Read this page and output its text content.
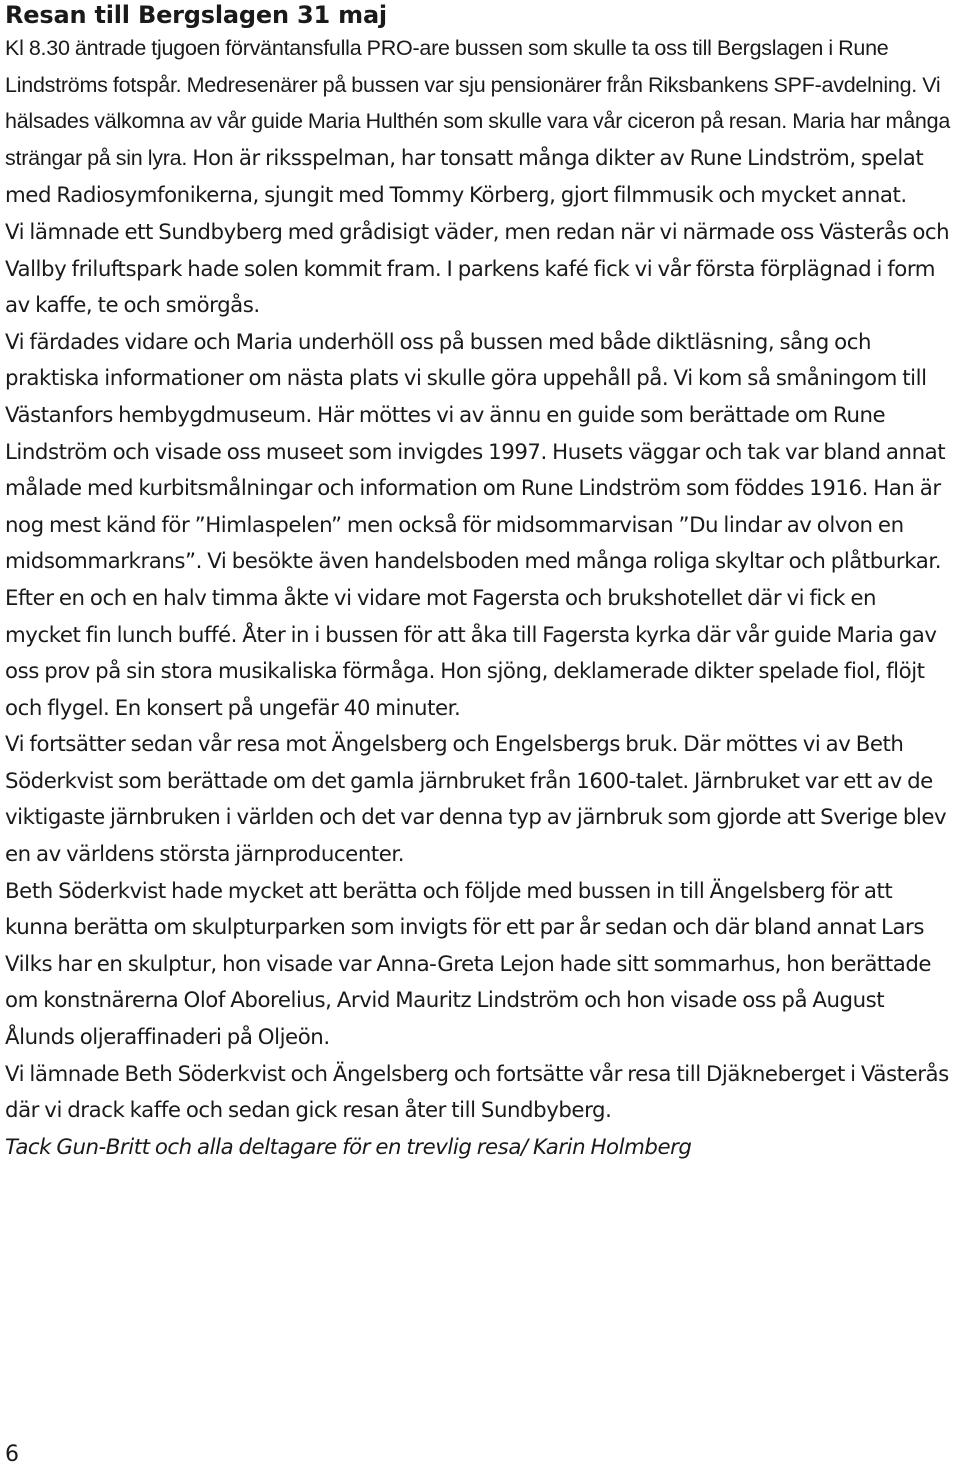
Resan till Bergslagen 31 maj

Kl 8.30 äntrade tjugoen förväntansfulla PRO-are bussen som skulle ta oss till Bergslagen i Rune Lindströms fotspår. Medresenärer på bussen var sju pensionärer från Riksbankens SPF-avdelning. Vi hälsades välkomna av vår guide Maria Hulthén som skulle vara vår ciceron på resan. Maria har många strängar på sin lyra. Hon är riksspelman, har tonsatt många dikter av Rune Lindström, spelat med Radiosymfonikerna, sjungit med Tommy Körberg, gjort filmmusik och mycket annat.

Vi lämnade ett Sundbyberg med grådisigt väder, men redan när vi närmade oss Västerås och Vallby friluftspark hade solen kommit fram. I parkens kafé fick vi vår första förplägnad i form av kaffe, te och smörgås.

Vi färdades vidare och Maria underhöll oss på bussen med både diktläsning, sång och praktiska informationer om nästa plats vi skulle göra uppehåll på. Vi kom så småningom till Västanfors hembygdmuseum. Här möttes vi av ännu en guide som berättade om Rune Lindström och visade oss museet som invigdes 1997. Husets väggar och tak var bland annat målade med kurbitsmålningar och information om Rune Lindström som föddes 1916. Han är nog mest känd för ”Himlaspelen” men också för midsommarvisan ”Du lindar av olvon en midsommarkrans”. Vi besökte även handelsboden med många roliga skyltar och plåtburkar.

Efter en och en halv timma åkte vi vidare mot Fagersta och brukshotellet där vi fick en mycket fin lunch buffé. Åter in i bussen för att åka till Fagersta kyrka där vår guide Maria gav oss prov på sin stora musikaliska förmåga. Hon sjöng, deklamerade dikter spelade fiol, flöjt och flygel. En konsert på ungefär 40 minuter.

Vi fortsätter sedan vår resa mot Ängelsberg och Engelsbergs bruk. Där möttes vi av Beth Söderkvist som berättade om det gamla järnbruket från 1600-talet. Järnbruket var ett av de viktigaste järnbruken i världen och det var denna typ av järnbruk som gjorde att Sverige blev en av världens största järnproducenter.

Beth Söderkvist hade mycket att berätta och följde med bussen in till Ängelsberg för att kunna berätta om skulpturparken som invigts för ett par år sedan och där bland annat Lars Vilks har en skulptur, hon visade var Anna-Greta Lejon hade sitt sommarhus, hon berättade om konstnärerna Olof Aborelius, Arvid Mauritz Lindström och hon visade oss på August Ålunds oljeraffinaderi på Oljeön.

Vi lämnade Beth Söderkvist och Ängelsberg och fortsätte vår resa till Djäkneberget i Västerås där vi drack kaffe och sedan gick resan åter till Sundbyberg.

Tack Gun-Britt och alla deltagare för en trevlig resa/ Karin Holmberg

6
